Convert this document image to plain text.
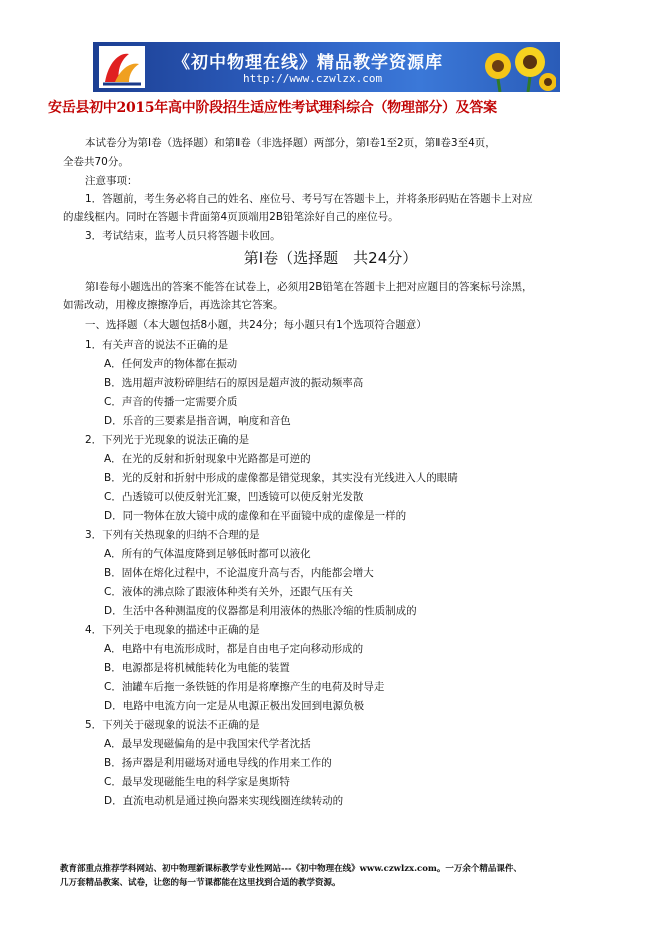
《初中物理在线》精品教学资源库
http://www.czwlzx.com
安岳县初中2015年高中阶段招生适应性考试理科综合（物理部分）及答案
本试卷分为第Ⅰ卷（选择题）和第Ⅱ卷（非选择题）两部分，第Ⅰ卷1至2页，第Ⅱ卷3至4页，
全卷共70分。
注意事项：
1．答题前，考生务必将自己的姓名、座位号、考号写在答题卡上，并将条形码贴在答题卡上对应
的虚线框内。同时在答题卡背面第4页顶端用2B铅笔涂好自己的座位号。
3．考试结束，监考人员只将答题卡收回。
第Ⅰ卷（选择题　共24分）
第Ⅰ卷每小题选出的答案不能答在试卷上，必须用2B铅笔在答题卡上把对应题目的答案标号涂黑，
如需改动，用橡皮擦擦净后，再选涂其它答案。
一、选择题（本大题包括8小题，共24分；每小题只有1个选项符合题意）
1．有关声音的说法不正确的是
A．任何发声的物体都在振动
B．选用超声波粉碎胆结石的原因是超声波的振动频率高
C．声音的传播一定需要介质
D．乐音的三要素是指音调，响度和音色
2．下列光于光现象的说法正确的是
A．在光的反射和折射现象中光路都是可逆的
B．光的反射和折射中形成的虚像都是错觉现象，其实没有光线进入人的眼睛
C．凸透镜可以使反射光汇聚，凹透镜可以使反射光发散
D．同一物体在放大镜中成的虚像和在平面镜中成的虚像是一样的
3．下列有关热现象的归纳不合理的是
A．所有的气体温度降到足够低时都可以液化
B．固体在熔化过程中，不论温度升高与否，内能都会增大
C．液体的沸点除了跟液体种类有关外，还跟气压有关
D．生活中各种测温度的仪器都是利用液体的热胀冷缩的性质制成的
4．下列关于电现象的描述中正确的是
A．电路中有电流形成时，都是自由电子定向移动形成的
B．电源都是将机械能转化为电能的装置
C．油罐车后拖一条铁链的作用是将摩擦产生的电荷及时导走
D．电路中电流方向一定是从电源正极出发回到电源负极
5．下列关于磁现象的说法不正确的是
A．最早发现磁偏角的是中我国宋代学者沈括
B．扬声器是利用磁场对通电导线的作用来工作的
C．最早发现磁能生电的科学家是奥斯特
D．直流电动机是通过换向器来实现线圈连续转动的
教育部重点推荐学科网站、初中物理新课标教学专业性网站---《初中物理在线》www.czwlzx.com。一万余个精品课件、
几万套精品教案、试卷，让您的每一节课都能在这里找到合适的教学资源。
